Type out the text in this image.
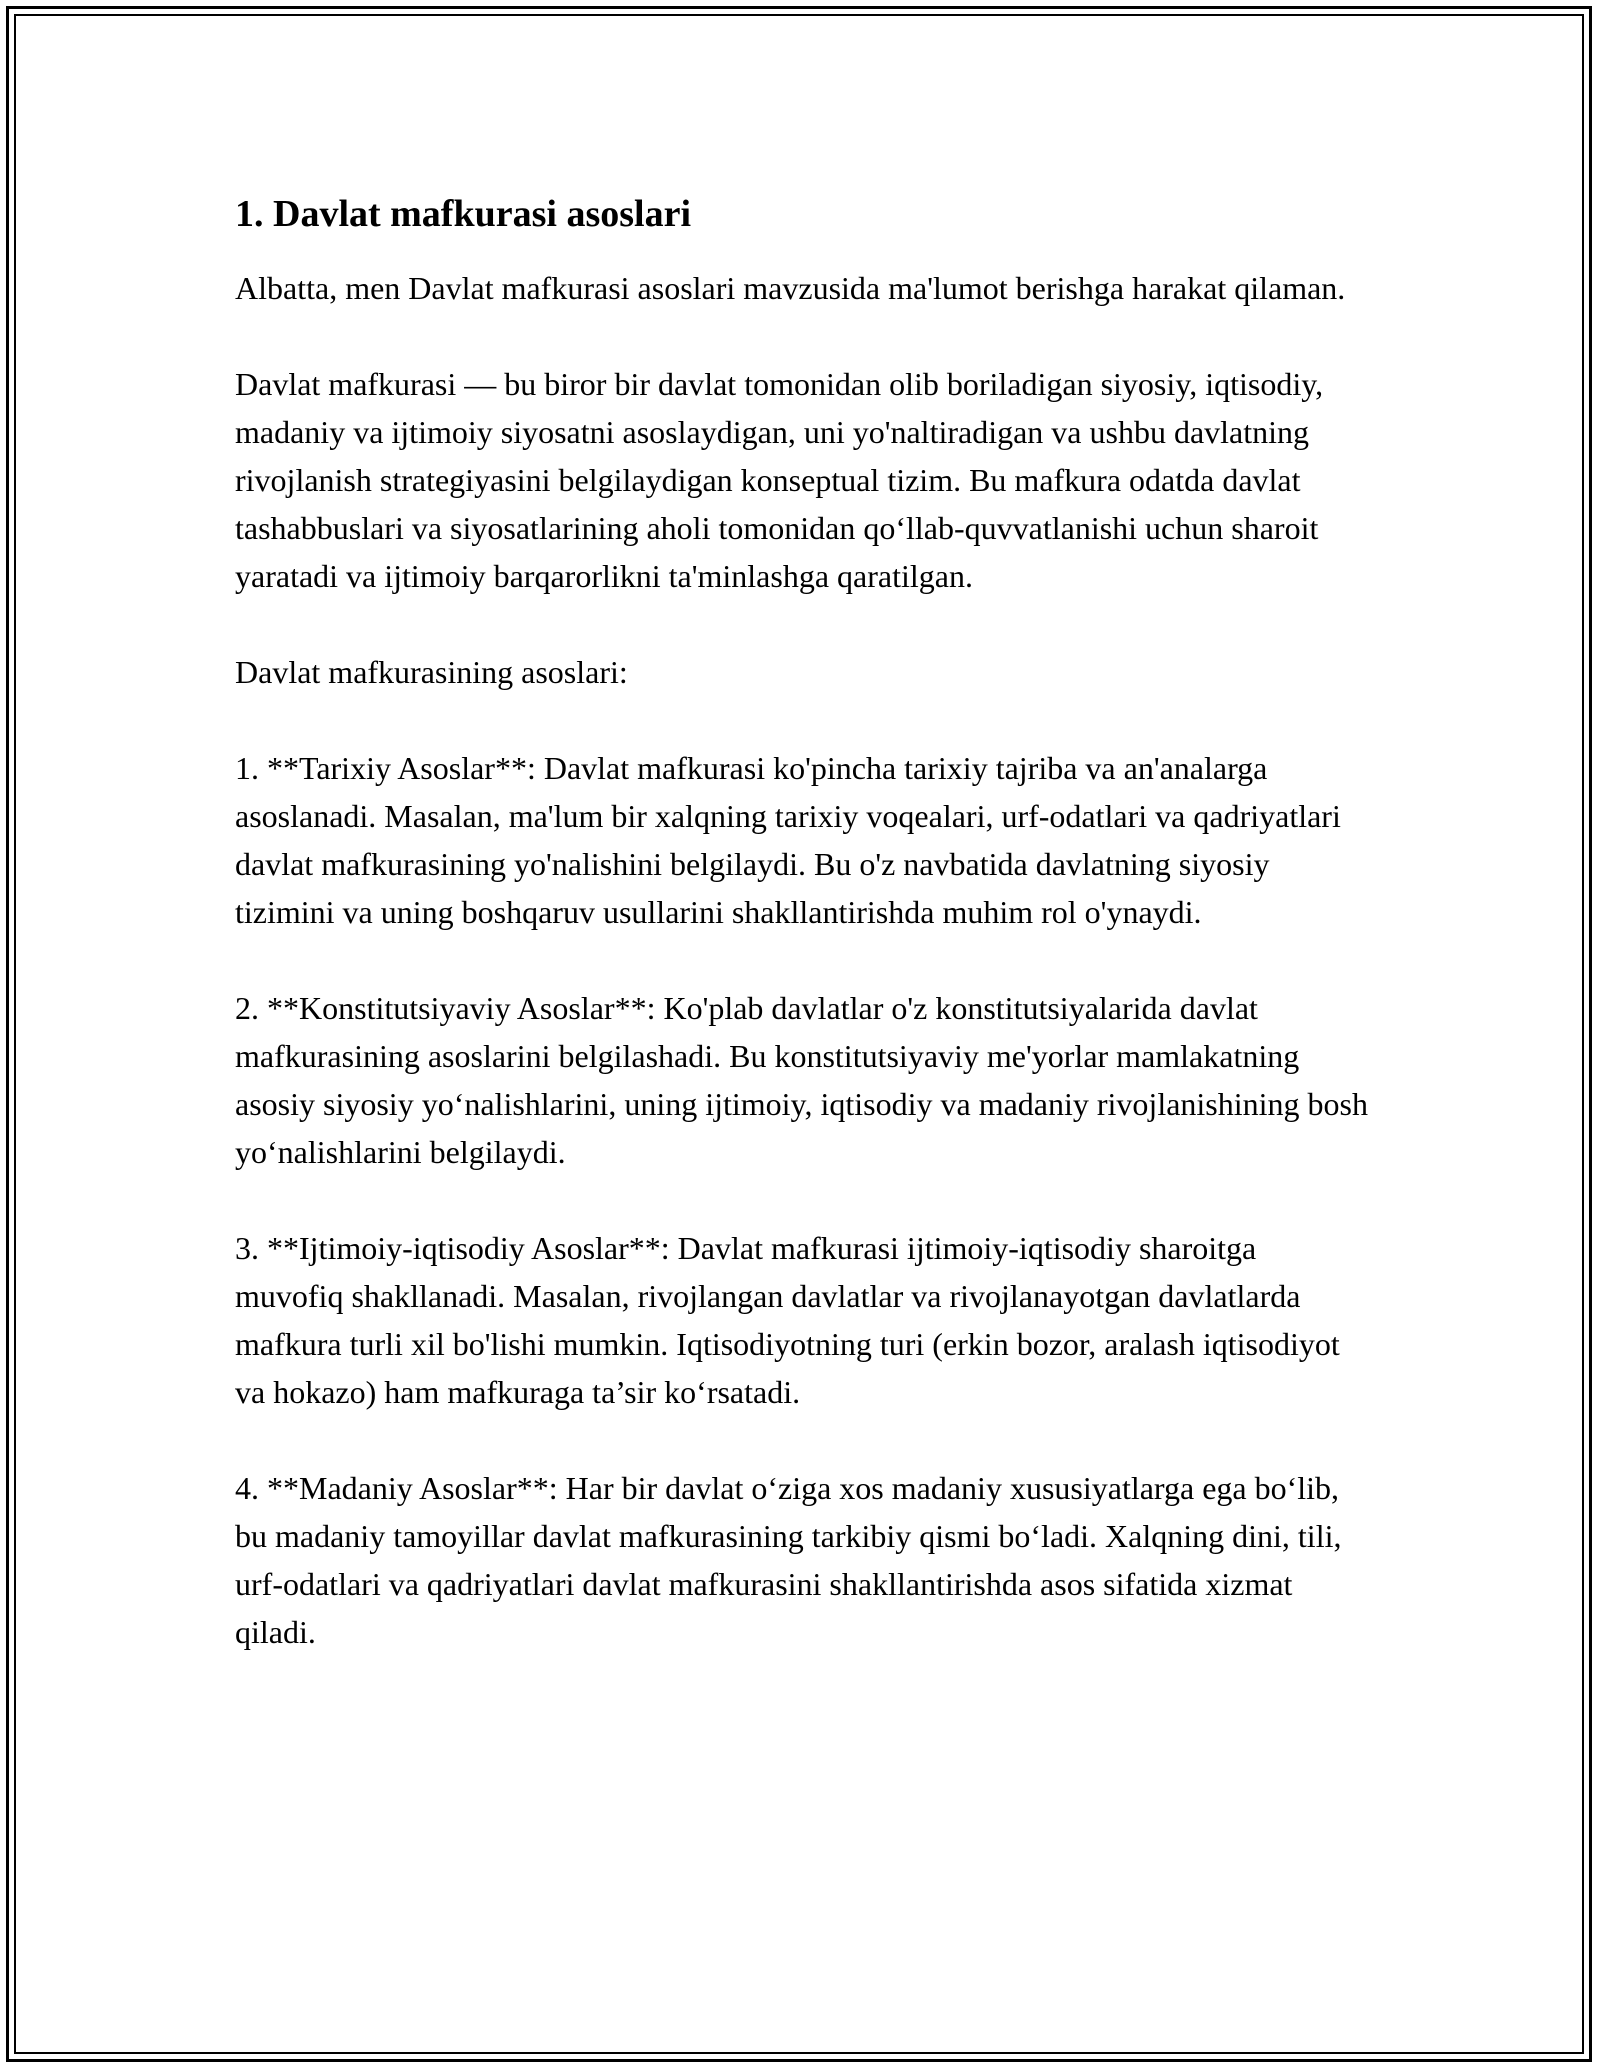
1. Davlat mafkurasi asoslari

Albatta, men Davlat mafkurasi asoslari mavzusida ma'lumot berishga harakat qilaman.

Davlat mafkurasi — bu biror bir davlat tomonidan olib boriladigan siyosiy, iqtisodiy, madaniy va ijtimoiy siyosatni asoslaydigan, uni yo'naltiradigan va ushbu davlatning rivojlanish strategiyasini belgilaydigan konseptual tizim. Bu mafkura odatda davlat tashabbuslari va siyosatlarining aholi tomonidan qo‘llab-quvvatlanishi uchun sharoit yaratadi va ijtimoiy barqarorlikni ta'minlashga qaratilgan.

Davlat mafkurasining asoslari:

1. **Tarixiy Asoslar**: Davlat mafkurasi ko'pincha tarixiy tajriba va an'analarga asoslanadi. Masalan, ma'lum bir xalqning tarixiy voqealari, urf-odatlari va qadriyatlari davlat mafkurasining yo'nalishini belgilaydi. Bu o'z navbatida davlatning siyosiy tizimini va uning boshqaruv usullarini shakllantirishda muhim rol o'ynaydi.

2. **Konstitutsiyaviy Asoslar**: Ko'plab davlatlar o'z konstitutsiyalarida davlat mafkurasining asoslarini belgilashadi. Bu konstitutsiyaviy me'yorlar mamlakatning asosiy siyosiy yo‘nalishlarini, uning ijtimoiy, iqtisodiy va madaniy rivojlanishining bosh yo‘nalishlarini belgilaydi.

3. **Ijtimoiy-iqtisodiy Asoslar**: Davlat mafkurasi ijtimoiy-iqtisodiy sharoitga muvofiq shakllanadi. Masalan, rivojlangan davlatlar va rivojlanayotgan davlatlarda mafkura turli xil bo'lishi mumkin. Iqtisodiyotning turi (erkin bozor, aralash iqtisodiyot va hokazo) ham mafkuraga ta’sir ko‘rsatadi.

4. **Madaniy Asoslar**: Har bir davlat o‘ziga xos madaniy xususiyatlarga ega bo‘lib, bu madaniy tamoyillar davlat mafkurasining tarkibiy qismi bo‘ladi. Xalqning dini, tili, urf-odatlari va qadriyatlari davlat mafkurasini shakllantirishda asos sifatida xizmat qiladi.
